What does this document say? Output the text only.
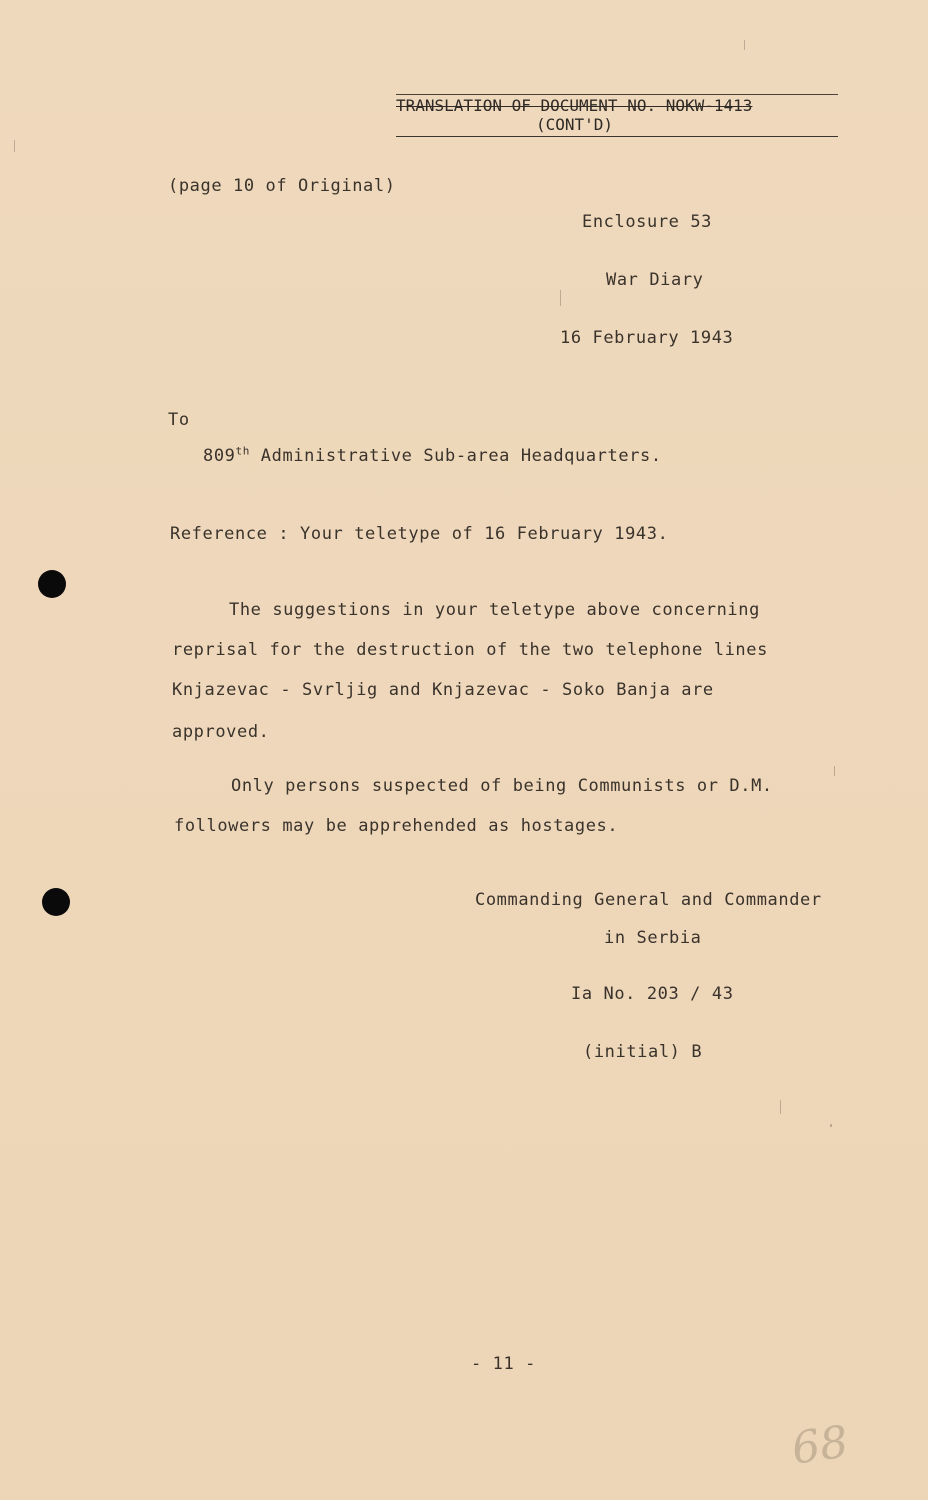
TRANSLATION OF DOCUMENT NO. NOKW-1413
(CONT'D)
(page 10 of Original)
Enclosure 53
War Diary
16 February 1943
To
809th Administrative Sub-area Headquarters.
Reference : Your teletype of 16 February 1943.
The suggestions in your teletype above concerning
reprisal for the destruction of the two telephone lines
Knjazevac - Svrljig and Knjazevac - Soko Banja are
approved.
Only persons suspected of being Communists or D.M.
followers may be apprehended as hostages.
Commanding General and Commander
in Serbia
Ia No. 203 / 43
(initial) B
- 11 -
68
